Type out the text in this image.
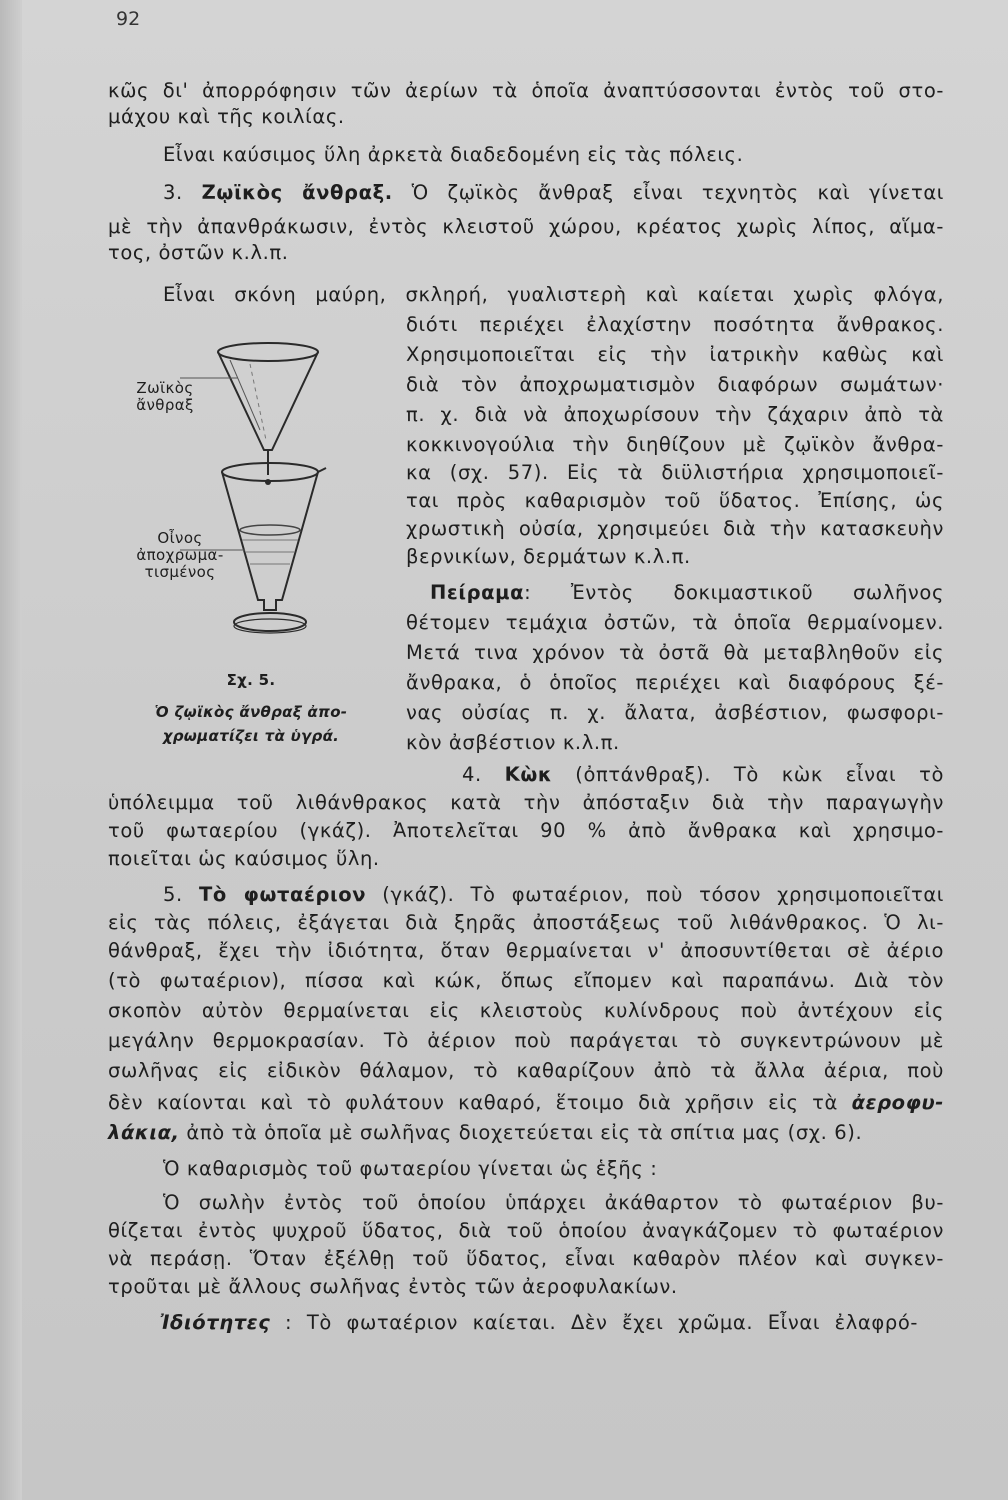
92
κῶς δι' ἀπορρόφησιν τῶν ἀερίων τὰ ὁποῖα ἀναπτύσσονται ἐντὸς τοῦ στο-
μάχου καὶ τῆς κοιλίας.
Εἶναι καύσιμος ὕλη ἀρκετὰ διαδεδομένη εἰς τὰς πόλεις.
3. Ζῳϊκὸς ἄνθραξ. Ὁ ζῳϊκὸς ἄνθραξ εἶναι τεχνητὸς καὶ γίνεται
μὲ τὴν ἀπανθράκωσιν, ἐντὸς κλειστοῦ χώρου, κρέατος χωρὶς λίπος, αἵμα-
τος, ὀστῶν κ.λ.π.
Εἶναι σκόνη μαύρη, σκληρή, γυαλιστερὴ καὶ καίεται χωρὶς φλόγα,
διότι περιέχει ἐλαχίστην ποσότητα ἄνθρακος.
Χρησιμοποιεῖται εἰς τὴν ἰατρικὴν καθὼς καὶ
διὰ τὸν ἀποχρωματισμὸν διαφόρων σωμάτων·
π. χ. διὰ νὰ ἀποχωρίσουν τὴν ζάχαριν ἀπὸ τὰ
κοκκινογούλια τὴν διηθίζουν μὲ ζῳϊκὸν ἄνθρα-
κα (σχ. 57). Εἰς τὰ διϋλιστήρια χρησιμοποιεῖ-
ται πρὸς καθαρισμὸν τοῦ ὕδατος. Ἐπίσης, ὡς
χρωστικὴ οὐσία, χρησιμεύει διὰ τὴν κατασκευὴν
βερνικίων, δερμάτων κ.λ.π.
Πείραμα: Ἐντὸς δοκιμαστικοῦ σωλῆνος
θέτομεν τεμάχια ὀστῶν, τὰ ὁποῖα θερμαίνομεν.
Μετά τινα χρόνον τὰ ὀστᾶ θὰ μεταβληθοῦν εἰς
ἄνθρακα, ὁ ὁποῖος περιέχει καὶ διαφόρους ξέ-
νας οὐσίας π. χ. ἄλατα, ἀσβέστιον, φωσφορι-
κὸν ἀσβέστιον κ.λ.π.
Ζωϊκὸς
ἄνθραξ
Οἶνος
ἀποχρωμα-
τισμένος
Σχ. 5.
Ὁ ζῳϊκὸς ἄνθραξ ἀπο-
χρωματίζει τὰ ὑγρά.
4. Κὼκ (ὀπτάνθραξ). Τὸ κὼκ εἶναι τὸ
ὑπόλειμμα τοῦ λιθάνθρακος κατὰ τὴν ἀπόσταξιν διὰ τὴν παραγωγὴν
τοῦ φωταερίου (γκάζ). Ἀποτελεῖται 90 % ἀπὸ ἄνθρακα καὶ χρησιμο-
ποιεῖται ὡς καύσιμος ὕλη.
5. Τὸ φωταέριον (γκάζ). Τὸ φωταέριον, ποὺ τόσον χρησιμοποιεῖται
εἰς τὰς πόλεις, ἐξάγεται διὰ ξηρᾶς ἀποστάξεως τοῦ λιθάνθρακος. Ὁ λι-
θάνθραξ, ἔχει τὴν ἰδιότητα, ὅταν θερμαίνεται ν' ἀποσυντίθεται σὲ ἀέριο
(τὸ φωταέριον), πίσσα καὶ κώκ, ὅπως εἴπομεν καὶ παραπάνω. Διὰ τὸν
σκοπὸν αὐτὸν θερμαίνεται εἰς κλειστοὺς κυλίνδρους ποὺ ἀντέχουν εἰς
μεγάλην θερμοκρασίαν. Τὸ ἀέριον ποὺ παράγεται τὸ συγκεντρώνουν μὲ
σωλῆνας εἰς εἰδικὸν θάλαμον, τὸ καθαρίζουν ἀπὸ τὰ ἄλλα ἀέρια, ποὺ
δὲν καίονται καὶ τὸ φυλάτουν καθαρό, ἕτοιμο διὰ χρῆσιν εἰς τὰ ἀεροφυ-
λάκια, ἀπὸ τὰ ὁποῖα μὲ σωλῆνας διοχετεύεται εἰς τὰ σπίτια μας (σχ. 6).
Ὁ καθαρισμὸς τοῦ φωταερίου γίνεται ὡς ἑξῆς :
Ὁ σωλὴν ἐντὸς τοῦ ὁποίου ὑπάρχει ἀκάθαρτον τὸ φωταέριον βυ-
θίζεται ἐντὸς ψυχροῦ ὕδατος, διὰ τοῦ ὁποίου ἀναγκάζομεν τὸ φωταέριον
νὰ περάσῃ. Ὅταν ἐξέλθῃ τοῦ ὕδατος, εἶναι καθαρὸν πλέον καὶ συγκεν-
τροῦται μὲ ἄλλους σωλῆνας ἐντὸς τῶν ἀεροφυλακίων.
Ἰδιότητες : Τὸ φωταέριον καίεται. Δὲν ἔχει χρῶμα. Εἶναι ἐλαφρό-
